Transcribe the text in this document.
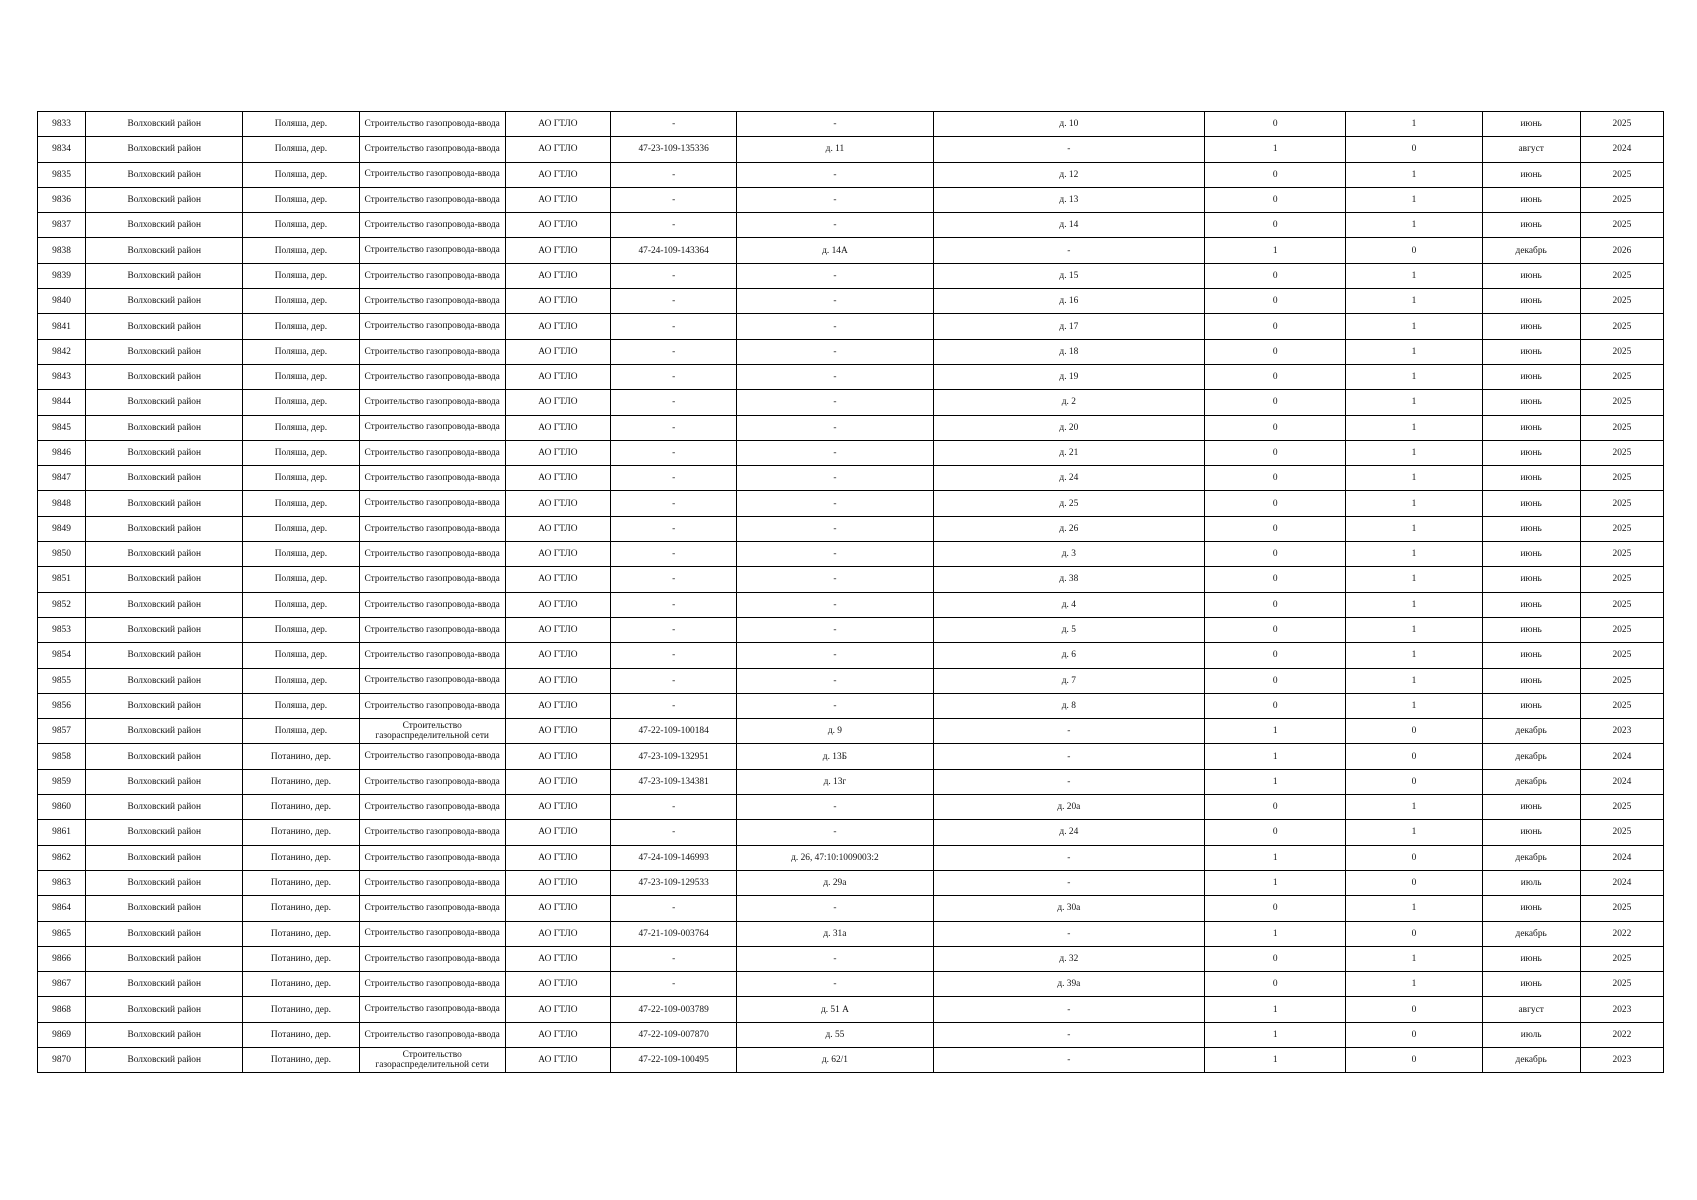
9833	Волховский район	Поляша, дер.	Строительство газопровода-ввода	АО ГТЛО	-	-	д. 10	0	1	июнь	2025
9834	Волховский район	Поляша, дер.	Строительство газопровода-ввода	АО ГТЛО	47-23-109-135336	д. 11	-	1	0	август	2024
9835	Волховский район	Поляша, дер.	Строительство газопровода-ввода	АО ГТЛО	-	-	д. 12	0	1	июнь	2025
9836	Волховский район	Поляша, дер.	Строительство газопровода-ввода	АО ГТЛО	-	-	д. 13	0	1	июнь	2025
9837	Волховский район	Поляша, дер.	Строительство газопровода-ввода	АО ГТЛО	-	-	д. 14	0	1	июнь	2025
9838	Волховский район	Поляша, дер.	Строительство газопровода-ввода	АО ГТЛО	47-24-109-143364	д. 14А	-	1	0	декабрь	2026
9839	Волховский район	Поляша, дер.	Строительство газопровода-ввода	АО ГТЛО	-	-	д. 15	0	1	июнь	2025
9840	Волховский район	Поляша, дер.	Строительство газопровода-ввода	АО ГТЛО	-	-	д. 16	0	1	июнь	2025
9841	Волховский район	Поляша, дер.	Строительство газопровода-ввода	АО ГТЛО	-	-	д. 17	0	1	июнь	2025
9842	Волховский район	Поляша, дер.	Строительство газопровода-ввода	АО ГТЛО	-	-	д. 18	0	1	июнь	2025
9843	Волховский район	Поляша, дер.	Строительство газопровода-ввода	АО ГТЛО	-	-	д. 19	0	1	июнь	2025
9844	Волховский район	Поляша, дер.	Строительство газопровода-ввода	АО ГТЛО	-	-	д. 2	0	1	июнь	2025
9845	Волховский район	Поляша, дер.	Строительство газопровода-ввода	АО ГТЛО	-	-	д. 20	0	1	июнь	2025
9846	Волховский район	Поляша, дер.	Строительство газопровода-ввода	АО ГТЛО	-	-	д. 21	0	1	июнь	2025
9847	Волховский район	Поляша, дер.	Строительство газопровода-ввода	АО ГТЛО	-	-	д. 24	0	1	июнь	2025
9848	Волховский район	Поляша, дер.	Строительство газопровода-ввода	АО ГТЛО	-	-	д. 25	0	1	июнь	2025
9849	Волховский район	Поляша, дер.	Строительство газопровода-ввода	АО ГТЛО	-	-	д. 26	0	1	июнь	2025
9850	Волховский район	Поляша, дер.	Строительство газопровода-ввода	АО ГТЛО	-	-	д. 3	0	1	июнь	2025
9851	Волховский район	Поляша, дер.	Строительство газопровода-ввода	АО ГТЛО	-	-	д. 38	0	1	июнь	2025
9852	Волховский район	Поляша, дер.	Строительство газопровода-ввода	АО ГТЛО	-	-	д. 4	0	1	июнь	2025
9853	Волховский район	Поляша, дер.	Строительство газопровода-ввода	АО ГТЛО	-	-	д. 5	0	1	июнь	2025
9854	Волховский район	Поляша, дер.	Строительство газопровода-ввода	АО ГТЛО	-	-	д. 6	0	1	июнь	2025
9855	Волховский район	Поляша, дер.	Строительство газопровода-ввода	АО ГТЛО	-	-	д. 7	0	1	июнь	2025
9856	Волховский район	Поляша, дер.	Строительство газопровода-ввода	АО ГТЛО	-	-	д. 8	0	1	июнь	2025
9857	Волховский район	Поляша, дер.	Строительство газораспределительной сети	АО ГТЛО	47-22-109-100184	д. 9	-	1	0	декабрь	2023
9858	Волховский район	Потанино, дер.	Строительство газопровода-ввода	АО ГТЛО	47-23-109-132951	д. 13Б	-	1	0	декабрь	2024
9859	Волховский район	Потанино, дер.	Строительство газопровода-ввода	АО ГТЛО	47-23-109-134381	д. 13г	-	1	0	декабрь	2024
9860	Волховский район	Потанино, дер.	Строительство газопровода-ввода	АО ГТЛО	-	-	д. 20а	0	1	июнь	2025
9861	Волховский район	Потанино, дер.	Строительство газопровода-ввода	АО ГТЛО	-	-	д. 24	0	1	июнь	2025
9862	Волховский район	Потанино, дер.	Строительство газопровода-ввода	АО ГТЛО	47-24-109-146993	д. 26, 47:10:1009003:2	-	1	0	декабрь	2024
9863	Волховский район	Потанино, дер.	Строительство газопровода-ввода	АО ГТЛО	47-23-109-129533	д. 29а	-	1	0	июль	2024
9864	Волховский район	Потанино, дер.	Строительство газопровода-ввода	АО ГТЛО	-	-	д. 30а	0	1	июнь	2025
9865	Волховский район	Потанино, дер.	Строительство газопровода-ввода	АО ГТЛО	47-21-109-003764	д. 31а	-	1	0	декабрь	2022
9866	Волховский район	Потанино, дер.	Строительство газопровода-ввода	АО ГТЛО	-	-	д. 32	0	1	июнь	2025
9867	Волховский район	Потанино, дер.	Строительство газопровода-ввода	АО ГТЛО	-	-	д. 39а	0	1	июнь	2025
9868	Волховский район	Потанино, дер.	Строительство газопровода-ввода	АО ГТЛО	47-22-109-003789	д. 51 А	-	1	0	август	2023
9869	Волховский район	Потанино, дер.	Строительство газопровода-ввода	АО ГТЛО	47-22-109-007870	д. 55	-	1	0	июль	2022
9870	Волховский район	Потанино, дер.	Строительство газораспределительной сети	АО ГТЛО	47-22-109-100495	д. 62/1	-	1	0	декабрь	2023
